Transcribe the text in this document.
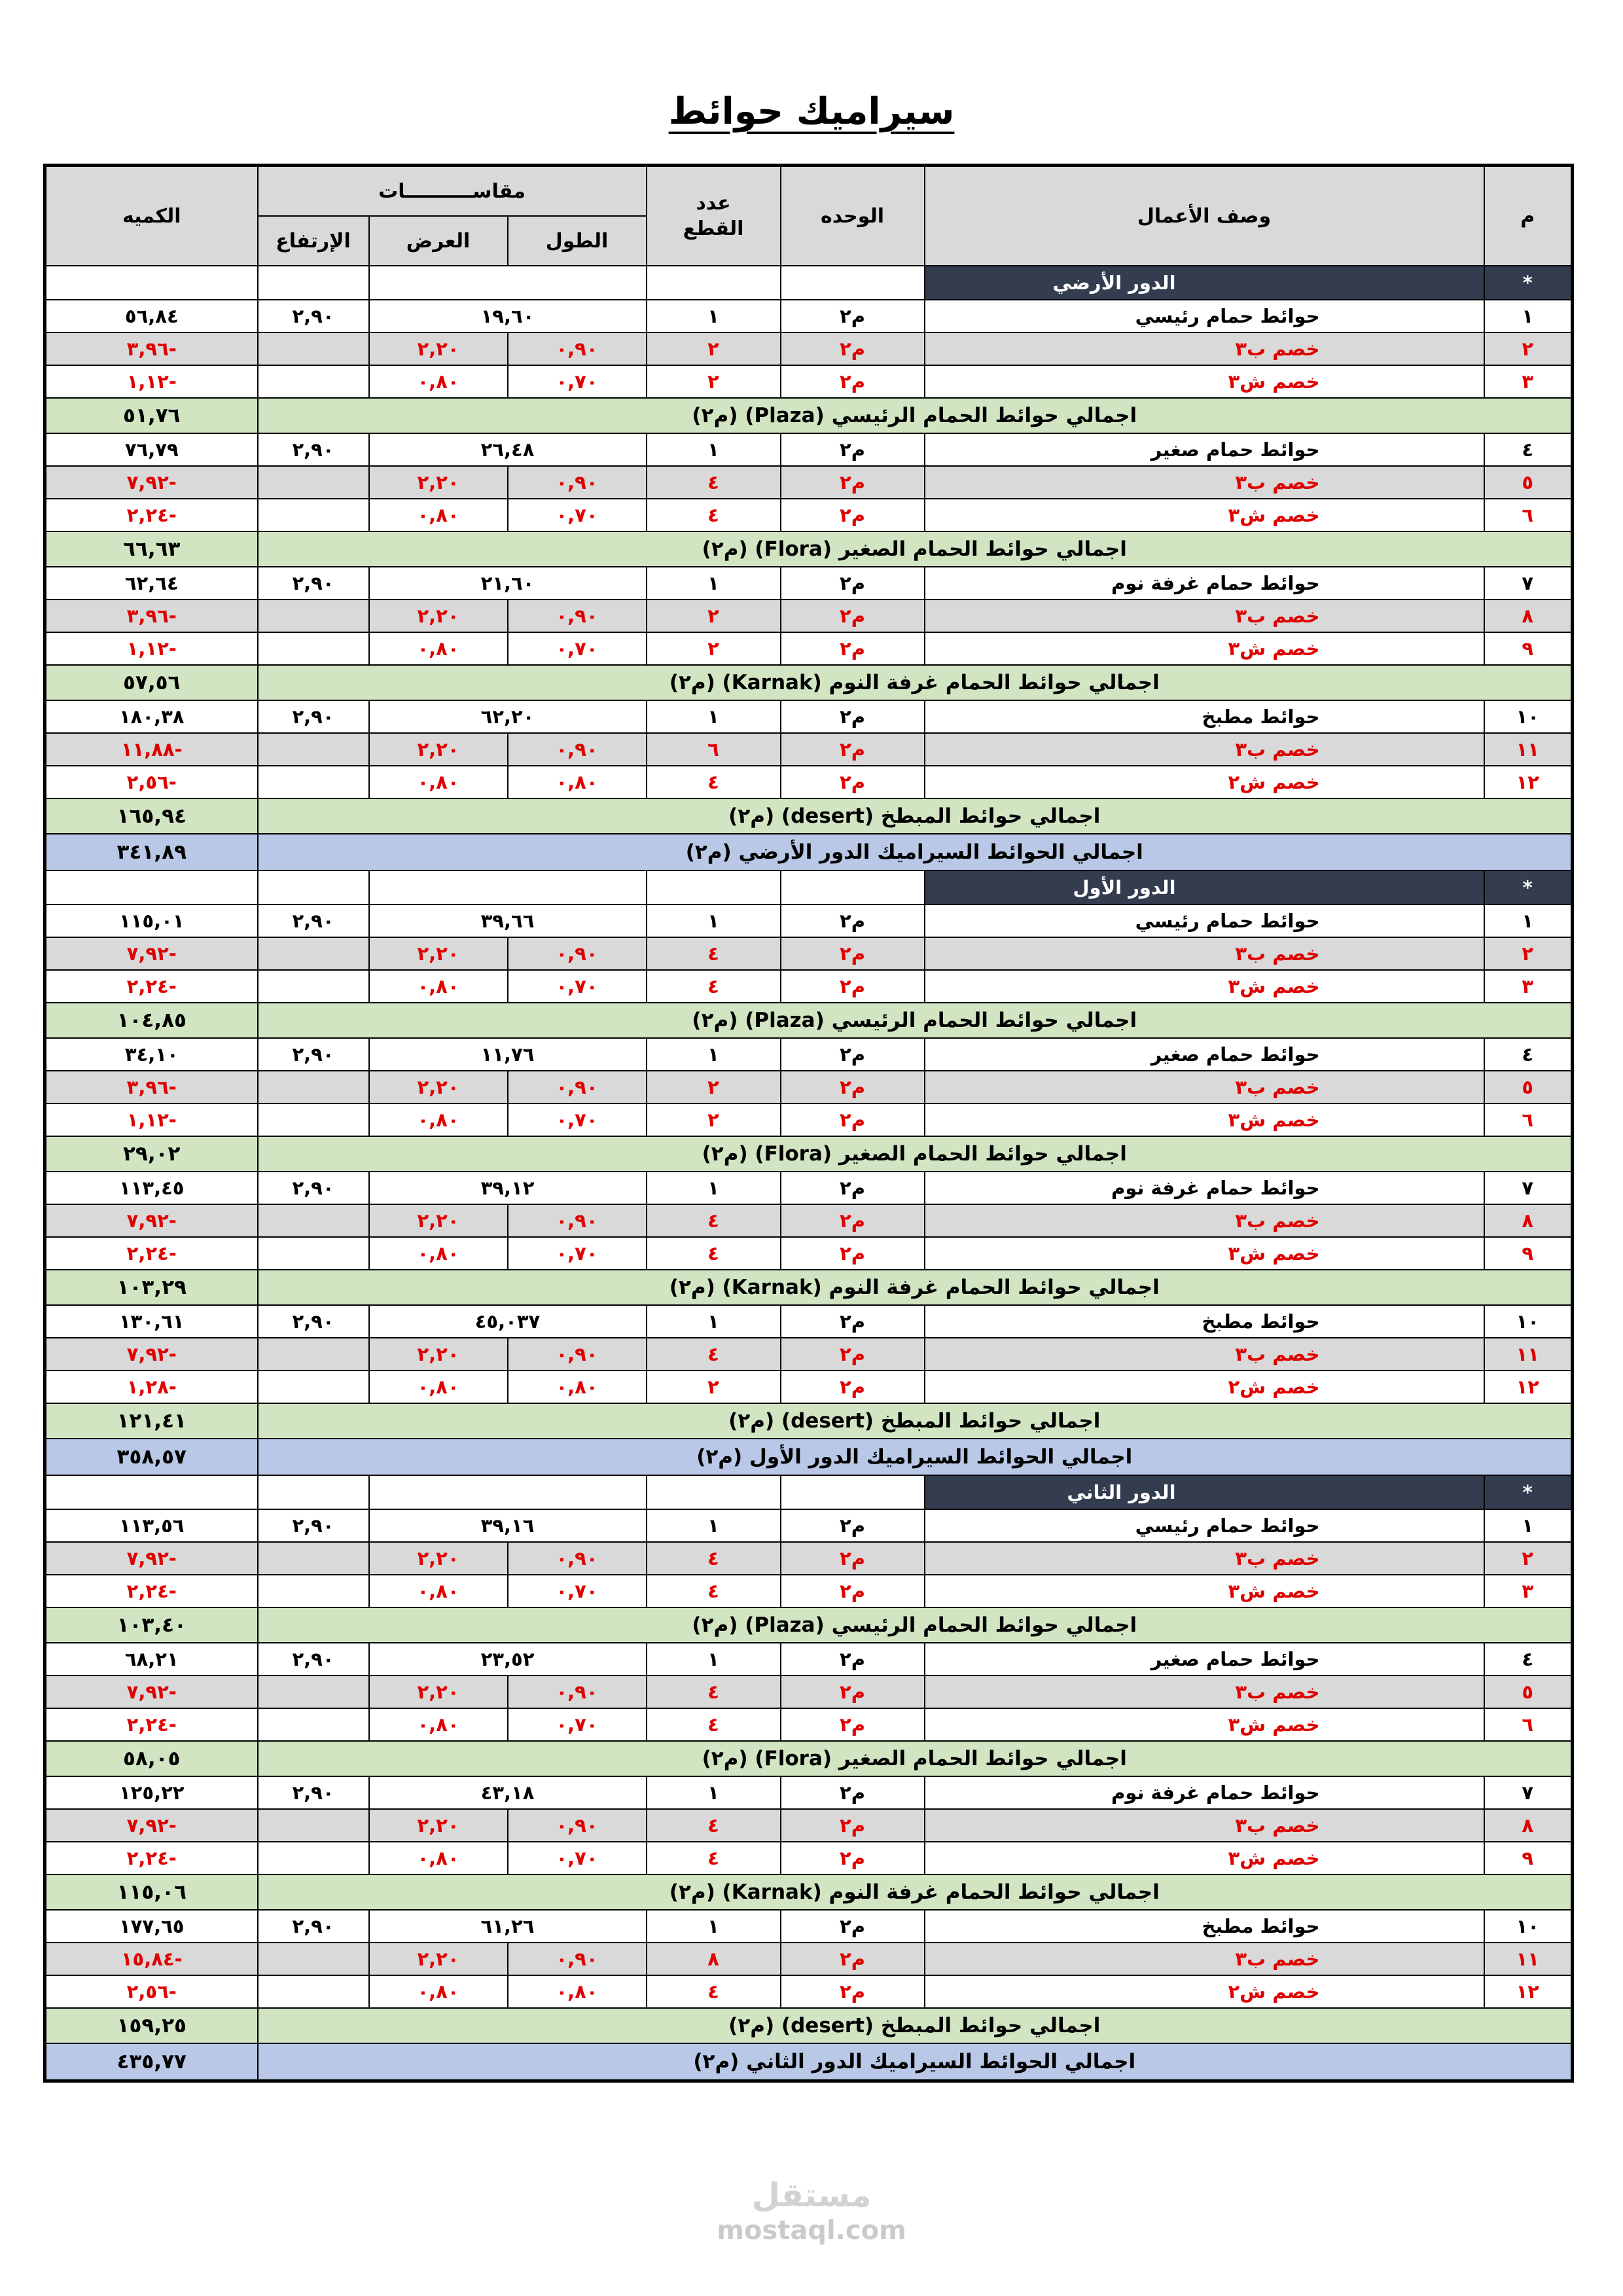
سيراميك حوائط
الكميه	مقاســــــــــات			عدد القطع	الوحده	وصف الأعمال	م
	الإرتفاع	العرض	الطول				
						الدور الأرضي	*
٥٦,٨٤	٢,٩٠	١٩,٦٠		١	م٢	حوائط حمام رئيسي	١
-٣,٩٦		٢,٢٠	٠,٩٠	٢	م٢	خصم ب٣	٢
-١,١٢		٠,٨٠	٠,٧٠	٢	م٢	خصم ش٣	٣
٥١,٧٦	اجمالي حوائط الحمام الرئيسي (Plaza) (م٢)						
٧٦,٧٩	٢,٩٠	٢٦,٤٨		١	م٢	حوائط حمام صغير	٤
-٧,٩٢		٢,٢٠	٠,٩٠	٤	م٢	خصم ب٣	٥
-٢,٢٤		٠,٨٠	٠,٧٠	٤	م٢	خصم ش٣	٦
٦٦,٦٣	اجمالي حوائط الحمام الصغير (Flora) (م٢)						
٦٢,٦٤	٢,٩٠	٢١,٦٠		١	م٢	حوائط حمام غرفة نوم	٧
-٣,٩٦		٢,٢٠	٠,٩٠	٢	م٢	خصم ب٣	٨
-١,١٢		٠,٨٠	٠,٧٠	٢	م٢	خصم ش٣	٩
٥٧,٥٦	اجمالي حوائط الحمام غرفة النوم (Karnak) (م٢)						
١٨٠,٣٨	٢,٩٠	٦٢,٢٠		١	م٢	حوائط مطبخ	١٠
-١١,٨٨		٢,٢٠	٠,٩٠	٦	م٢	خصم ب٣	١١
-٢,٥٦		٠,٨٠	٠,٨٠	٤	م٢	خصم ش٢	١٢
١٦٥,٩٤	اجمالي حوائط المبطخ (desert) (م٢)						
٣٤١,٨٩	اجمالي الحوائط السيراميك الدور الأرضي (م٢)						
						الدور الأول	*
١١٥,٠١	٢,٩٠	٣٩,٦٦		١	م٢	حوائط حمام رئيسي	١
-٧,٩٢		٢,٢٠	٠,٩٠	٤	م٢	خصم ب٣	٢
-٢,٢٤		٠,٨٠	٠,٧٠	٤	م٢	خصم ش٣	٣
١٠٤,٨٥	اجمالي حوائط الحمام الرئيسي (Plaza) (م٢)						
٣٤,١٠	٢,٩٠	١١,٧٦		١	م٢	حوائط حمام صغير	٤
-٣,٩٦		٢,٢٠	٠,٩٠	٢	م٢	خصم ب٣	٥
-١,١٢		٠,٨٠	٠,٧٠	٢	م٢	خصم ش٣	٦
٢٩,٠٢	اجمالي حوائط الحمام الصغير (Flora) (م٢)						
١١٣,٤٥	٢,٩٠	٣٩,١٢		١	م٢	حوائط حمام غرفة نوم	٧
-٧,٩٢		٢,٢٠	٠,٩٠	٤	م٢	خصم ب٣	٨
-٢,٢٤		٠,٨٠	٠,٧٠	٤	م٢	خصم ش٣	٩
١٠٣,٢٩	اجمالي حوائط الحمام غرفة النوم (Karnak) (م٢)						
١٣٠,٦١	٢,٩٠	٤٥,٠٣٧		١	م٢	حوائط مطبخ	١٠
-٧,٩٢		٢,٢٠	٠,٩٠	٤	م٢	خصم ب٣	١١
-١,٢٨		٠,٨٠	٠,٨٠	٢	م٢	خصم ش٢	١٢
١٢١,٤١	اجمالي حوائط المبطخ (desert) (م٢)						
٣٥٨,٥٧	اجمالي الحوائط السيراميك الدور الأول (م٢)						
						الدور الثاني	*
١١٣,٥٦	٢,٩٠	٣٩,١٦		١	م٢	حوائط حمام رئيسي	١
-٧,٩٢		٢,٢٠	٠,٩٠	٤	م٢	خصم ب٣	٢
-٢,٢٤		٠,٨٠	٠,٧٠	٤	م٢	خصم ش٣	٣
١٠٣,٤٠	اجمالي حوائط الحمام الرئيسي (Plaza) (م٢)						
٦٨,٢١	٢,٩٠	٢٣,٥٢		١	م٢	حوائط حمام صغير	٤
-٧,٩٢		٢,٢٠	٠,٩٠	٤	م٢	خصم ب٣	٥
-٢,٢٤		٠,٨٠	٠,٧٠	٤	م٢	خصم ش٣	٦
٥٨,٠٥	اجمالي حوائط الحمام الصغير (Flora) (م٢)						
١٢٥,٢٢	٢,٩٠	٤٣,١٨		١	م٢	حوائط حمام غرفة نوم	٧
-٧,٩٢		٢,٢٠	٠,٩٠	٤	م٢	خصم ب٣	٨
-٢,٢٤		٠,٨٠	٠,٧٠	٤	م٢	خصم ش٣	٩
١١٥,٠٦	اجمالي حوائط الحمام غرفة النوم (Karnak) (م٢)						
١٧٧,٦٥	٢,٩٠	٦١,٢٦		١	م٢	حوائط مطبخ	١٠
-١٥,٨٤		٢,٢٠	٠,٩٠	٨	م٢	خصم ب٣	١١
-٢,٥٦		٠,٨٠	٠,٨٠	٤	م٢	خصم ش٢	١٢
١٥٩,٢٥	اجمالي حوائط المبطخ (desert) (م٢)						
٤٣٥,٧٧	اجمالي الحوائط السيراميك الدور الثاني (م٢)						
مستقل
mostaql.com
